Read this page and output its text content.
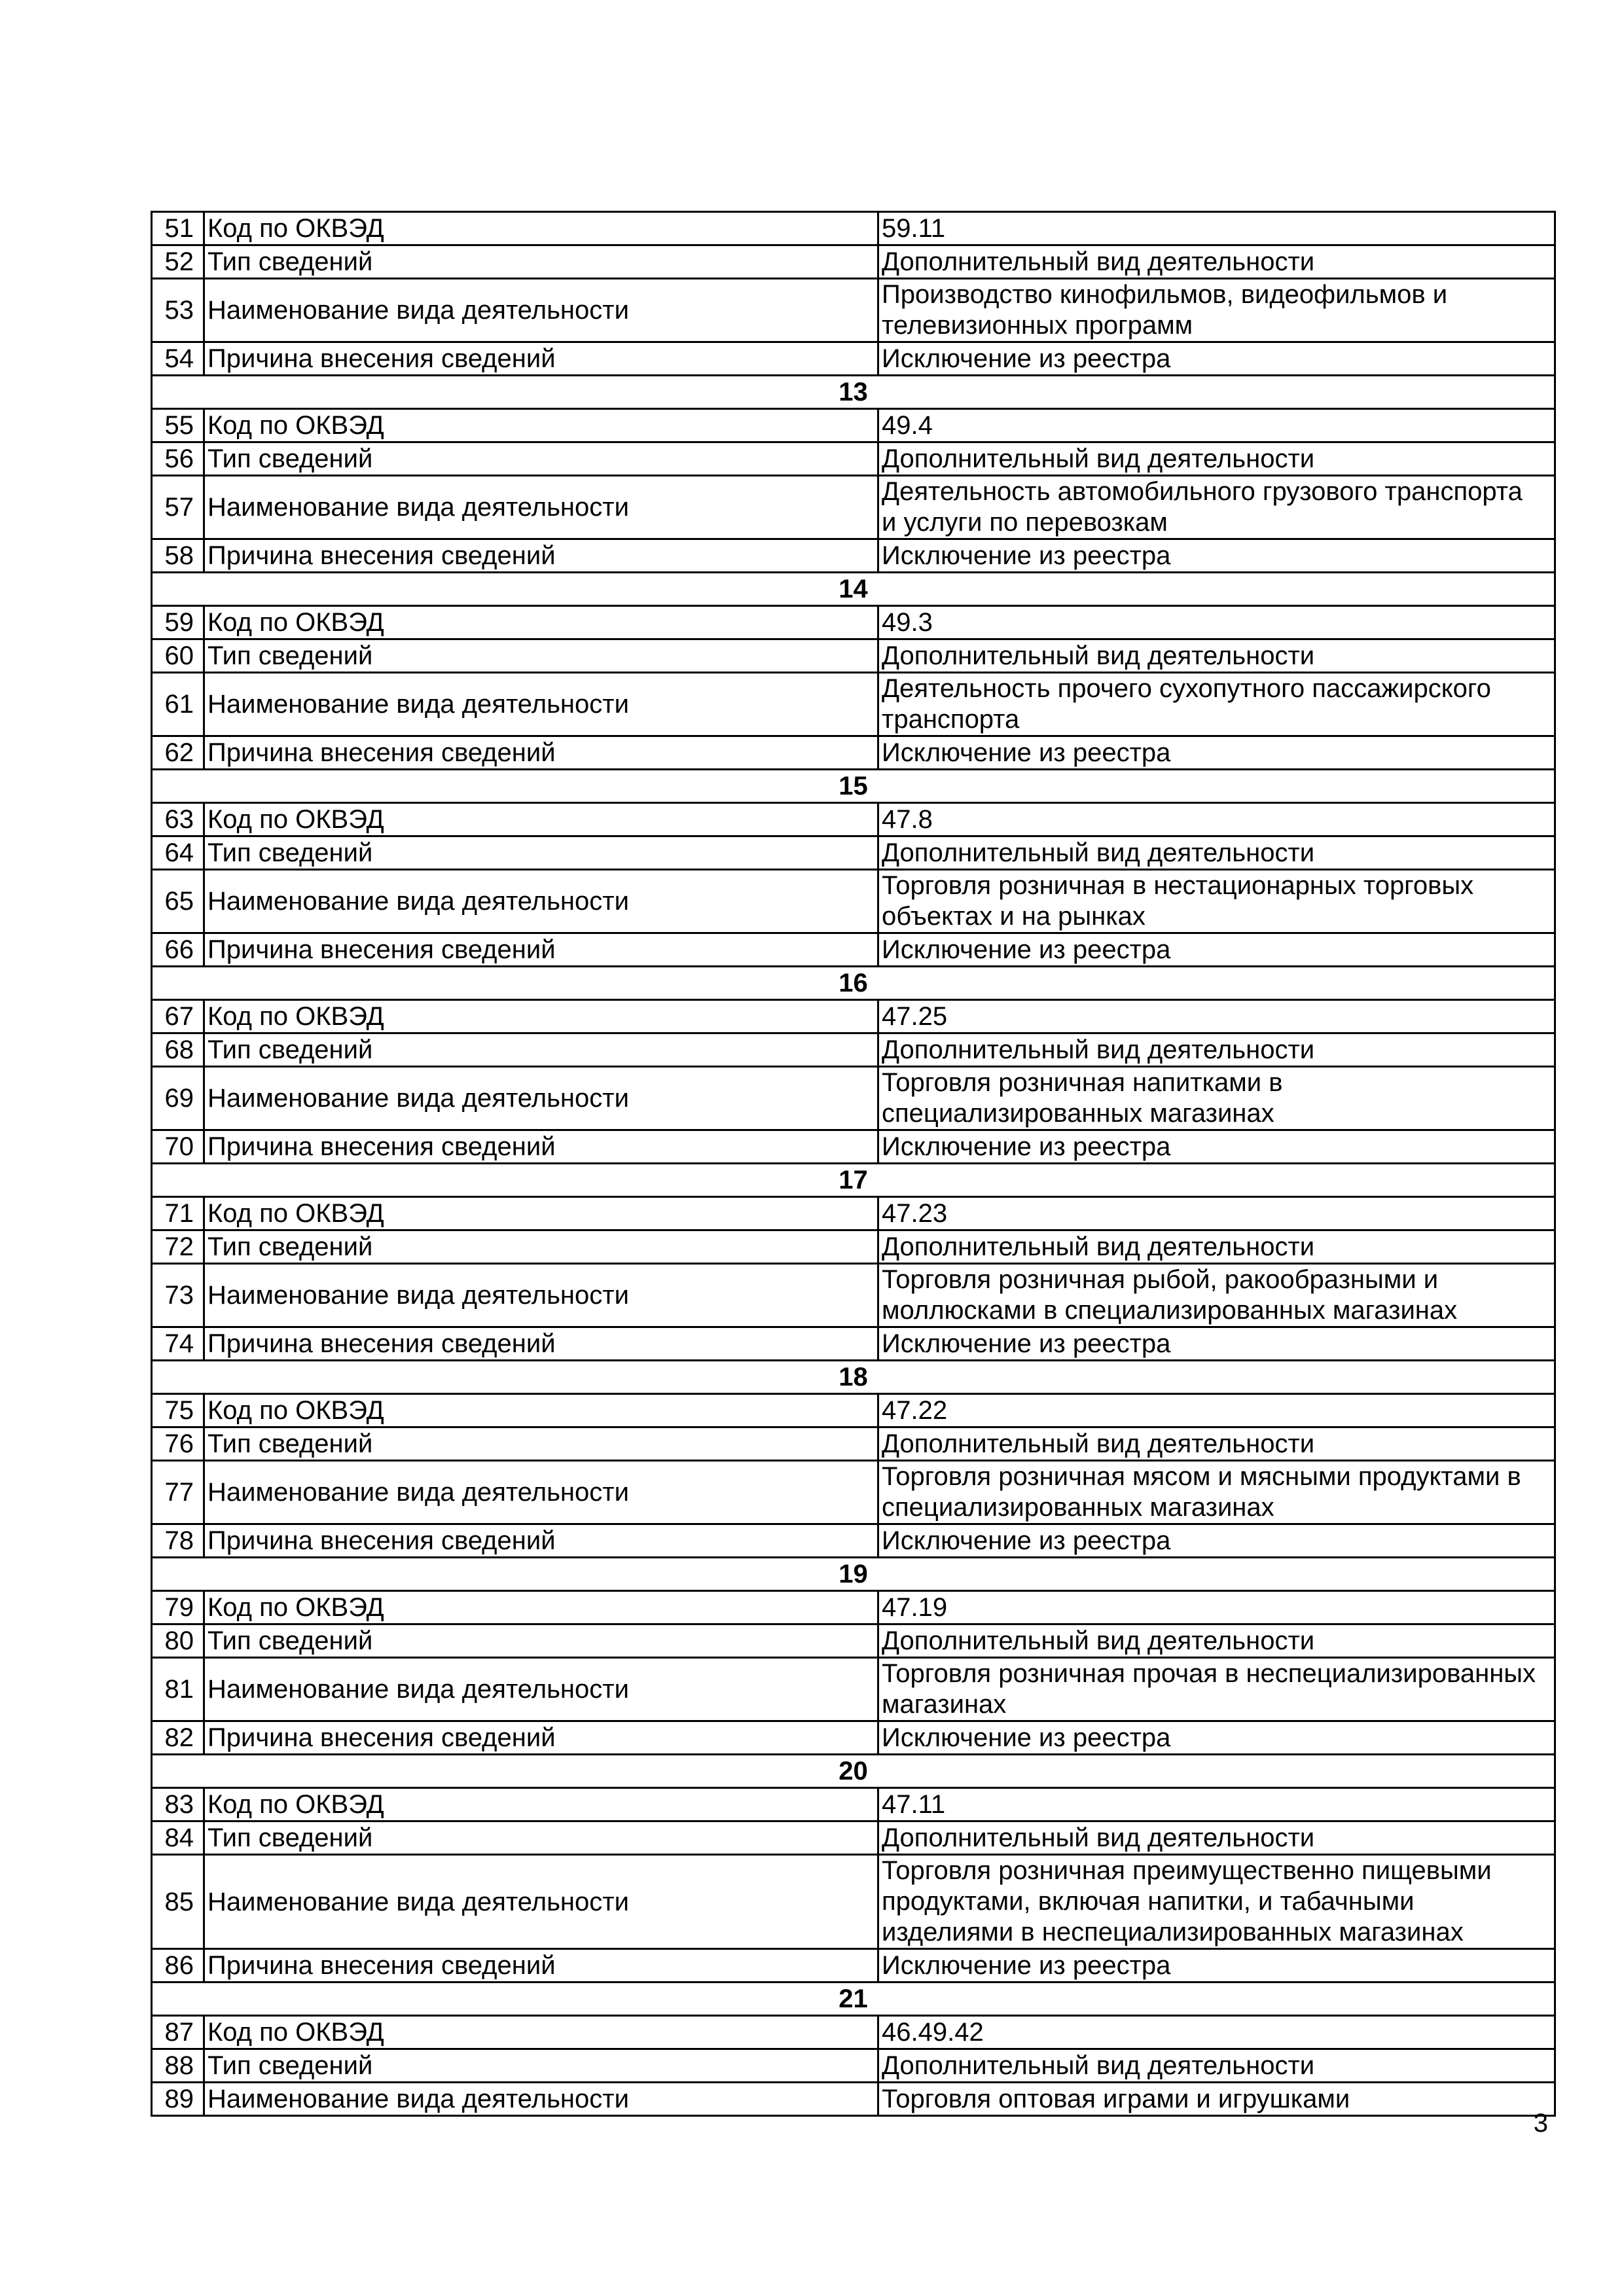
51	Код по ОКВЭД	59.11
52	Тип сведений	Дополнительный вид деятельности
53	Наименование вида деятельности	Производство кинофильмов, видеофильмов и
телевизионных программ
54	Причина внесения сведений	Исключение из реестра
13		
55	Код по ОКВЭД	49.4
56	Тип сведений	Дополнительный вид деятельности
57	Наименование вида деятельности	Деятельность автомобильного грузового транспорта
и услуги по перевозкам
58	Причина внесения сведений	Исключение из реестра
14		
59	Код по ОКВЭД	49.3
60	Тип сведений	Дополнительный вид деятельности
61	Наименование вида деятельности	Деятельность прочего сухопутного пассажирского
транспорта
62	Причина внесения сведений	Исключение из реестра
15		
63	Код по ОКВЭД	47.8
64	Тип сведений	Дополнительный вид деятельности
65	Наименование вида деятельности	Торговля розничная в нестационарных торговых
объектах и на рынках
66	Причина внесения сведений	Исключение из реестра
16		
67	Код по ОКВЭД	47.25
68	Тип сведений	Дополнительный вид деятельности
69	Наименование вида деятельности	Торговля розничная напитками в
специализированных магазинах
70	Причина внесения сведений	Исключение из реестра
17		
71	Код по ОКВЭД	47.23
72	Тип сведений	Дополнительный вид деятельности
73	Наименование вида деятельности	Торговля розничная рыбой, ракообразными и
моллюсками в специализированных магазинах
74	Причина внесения сведений	Исключение из реестра
18		
75	Код по ОКВЭД	47.22
76	Тип сведений	Дополнительный вид деятельности
77	Наименование вида деятельности	Торговля розничная мясом и мясными продуктами в
специализированных магазинах
78	Причина внесения сведений	Исключение из реестра
19		
79	Код по ОКВЭД	47.19
80	Тип сведений	Дополнительный вид деятельности
81	Наименование вида деятельности	Торговля розничная прочая в неспециализированных
магазинах
82	Причина внесения сведений	Исключение из реестра
20		
83	Код по ОКВЭД	47.11
84	Тип сведений	Дополнительный вид деятельности
85	Наименование вида деятельности	Торговля розничная преимущественно пищевыми
продуктами, включая напитки, и табачными
изделиями в неспециализированных магазинах
86	Причина внесения сведений	Исключение из реестра
21		
87	Код по ОКВЭД	46.49.42
88	Тип сведений	Дополнительный вид деятельности
89	Наименование вида деятельности	Торговля оптовая играми и игрушками
3
